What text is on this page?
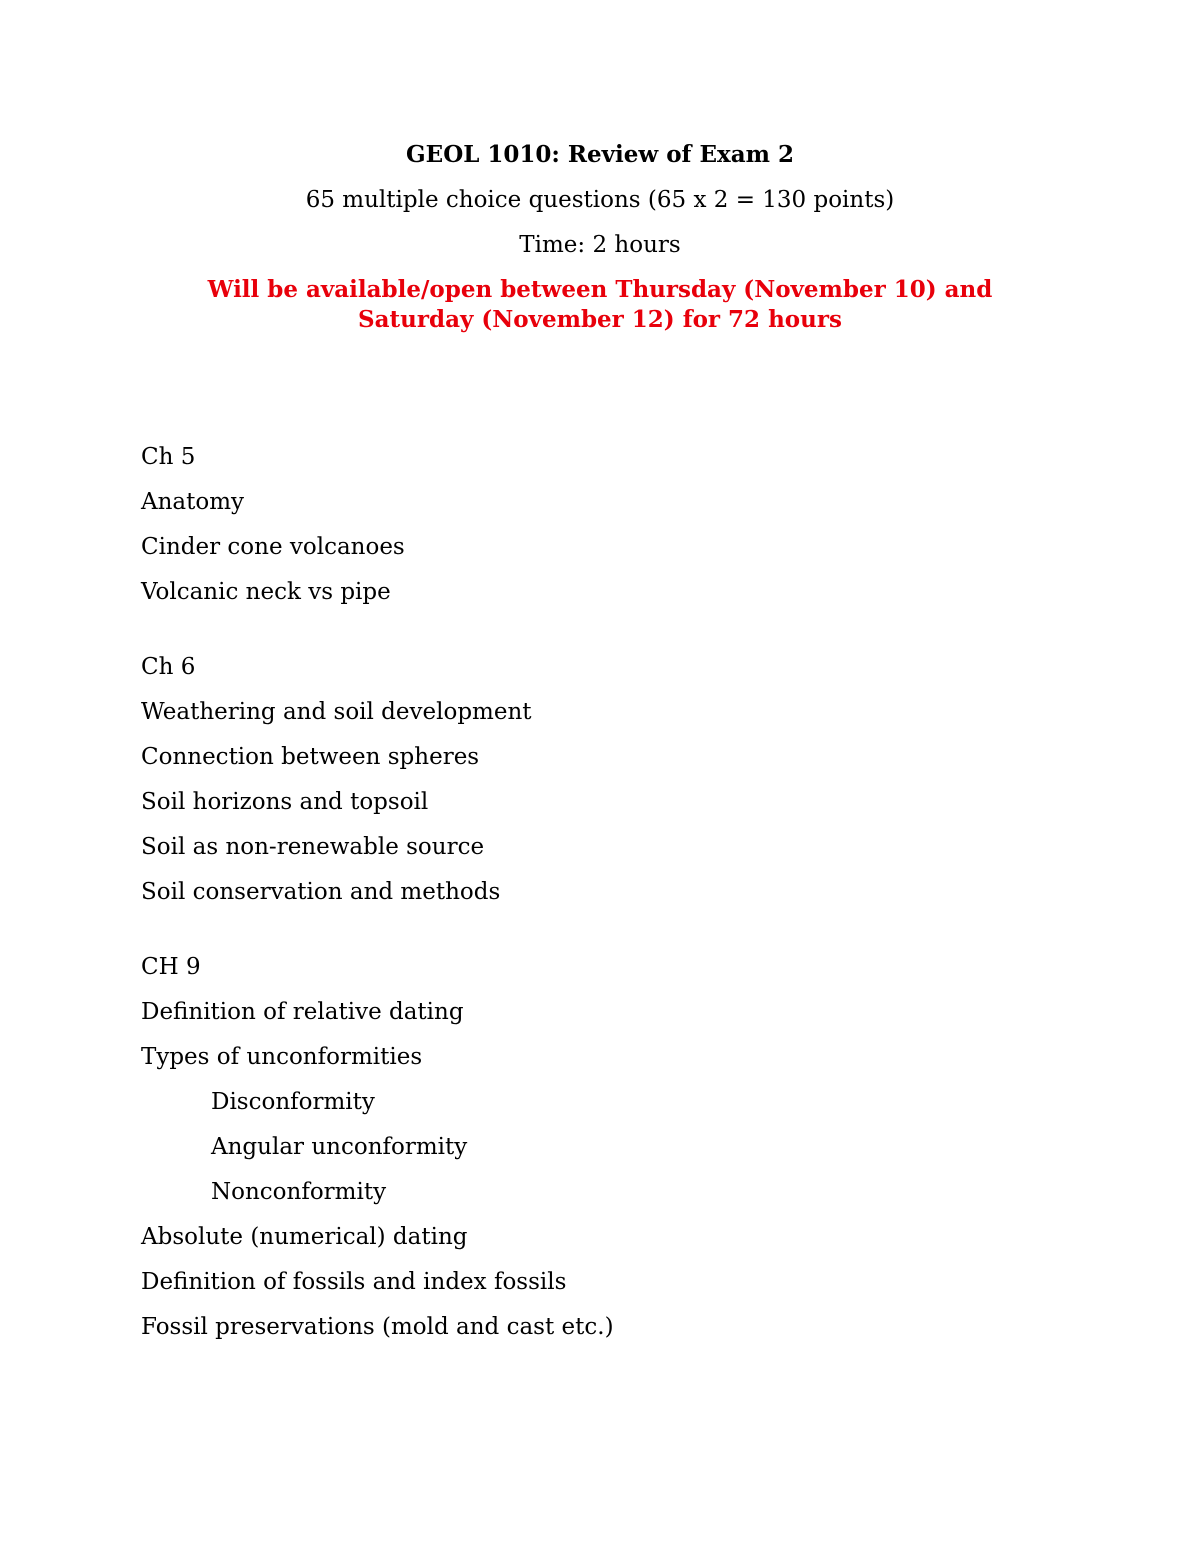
GEOL 1010: Review of Exam 2
65 multiple choice questions (65 x 2 = 130 points)
Time: 2 hours
Will be available/open between Thursday (November 10) and Saturday (November 12) for 72 hours
Ch 5
Anatomy
Cinder cone volcanoes
Volcanic neck vs pipe
Ch 6
Weathering and soil development
Connection between spheres
Soil horizons and topsoil
Soil as non-renewable source
Soil conservation and methods
CH 9
Definition of relative dating
Types of unconformities
Disconformity
Angular unconformity
Nonconformity
Absolute (numerical) dating
Definition of fossils and index fossils
Fossil preservations (mold and cast etc.)
